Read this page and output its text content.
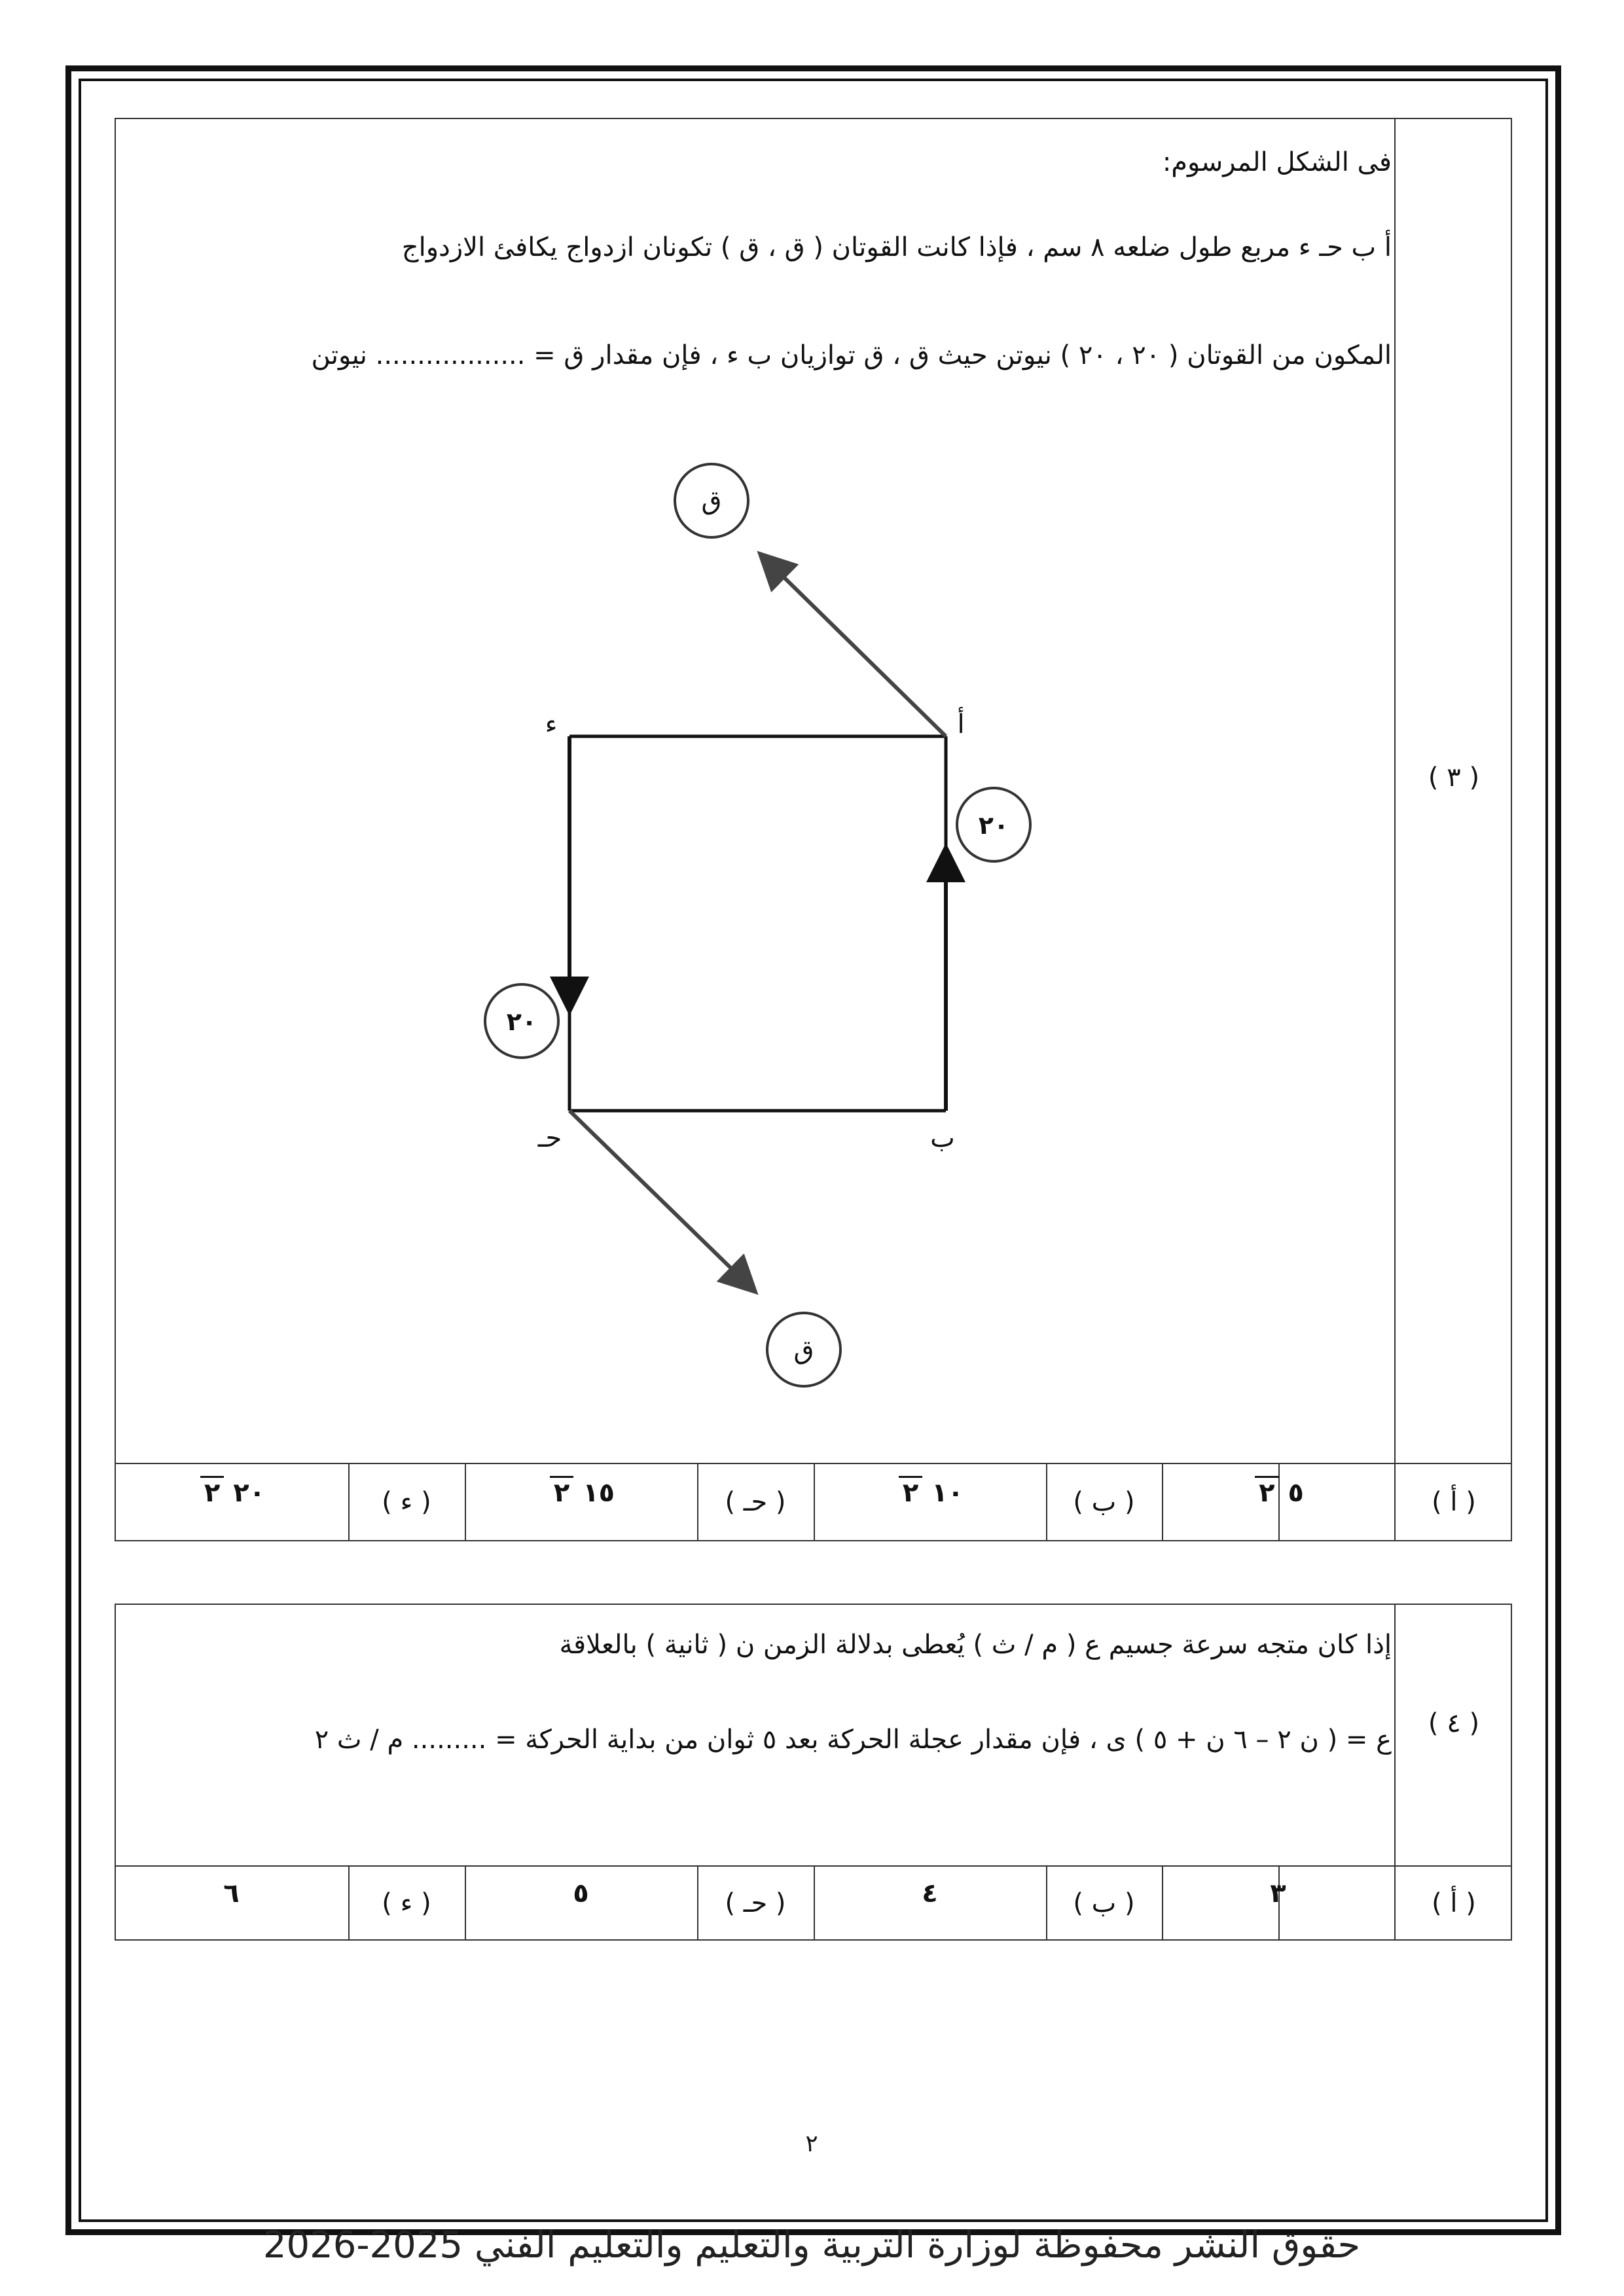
( ٣ )
فى الشكل المرسوم:
أ ب حـ ء مربع طول ضلعه ٨ سم ، فإذا كانت القوتان ( ق ، ق ) تكونان ازدواج يكافئ الازدواج
المكون من القوتان ( ٢٠ ، ٢٠ ) نيوتن حيث ق ، ق توازيان ب ء ، فإن مقدار ق = .................. نيوتن
ق
ق
٢٠
٢٠
أ
ء
حـ	ب
( أ )
٥ ٢
( ب )
١٠ ٢
( حـ )
١٥ ٢
( ء )
٢٠ ٢
( ٤ )
إذا كان متجه سرعة جسيم ع ( م / ث ) يُعطى بدلالة الزمن ن ( ثانية ) بالعلاقة
ع = ( ن ٢ – ٦ ن + ٥ ) ى ، فإن مقدار عجلة الحركة بعد ٥ ثوان من بداية الحركة = ......... م / ث ٢
( أ )
٣
( ب )
٤
( حـ )
٥
( ء )
٦
٢
حقوق النشر محفوظة لوزارة التربية والتعليم والتعليم الفني 2025-2026
